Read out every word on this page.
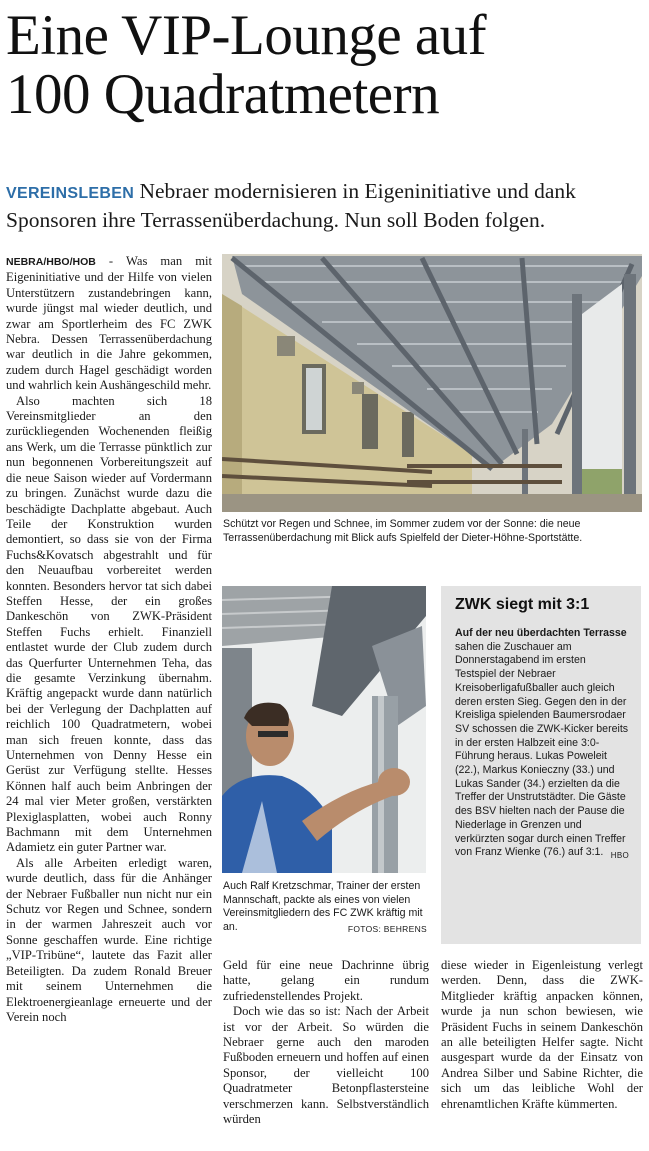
Eine VIP-Lounge auf
100 Quadratmetern
VEREINSLEBEN Nebraer modernisieren in Eigeninitiative und dank Sponsoren ihre Terrassenüberdachung. Nun soll Boden folgen.

NEBRA/HBO/HOB - Was man mit Eigeninitiative und der Hilfe von vielen Unterstützern zustandebringen kann, wurde jüngst mal wieder deutlich, und zwar am Sportlerheim des FC ZWK Nebra. Dessen Terrassenüberdachung war deutlich in die Jahre gekommen, zudem durch Hagel geschädigt worden und wahrlich kein Aushängeschild mehr.

Also machten sich 18 Vereinsmitglieder an den zurückliegenden Wochenenden fleißig ans Werk, um die Terrasse pünktlich zur nun begonnenen Vorbereitungszeit auf die neue Saison wieder auf Vordermann zu bringen. Zunächst wurde dazu die beschädigte Dachplatte abgebaut. Auch Teile der Konstruktion wurden demontiert, so dass sie von der Firma Fuchs&Kovatsch abgestrahlt und für den Neuaufbau vorbereitet werden konnten. Besonders hervor tat sich dabei Steffen Hesse, der ein großes Dankeschön von ZWK-Präsident Steffen Fuchs erhielt. Finanziell entlastet wurde der Club zudem durch das Querfurter Unternehmen Teha, das die gesamte Verzinkung übernahm. Kräftig angepackt wurde dann natürlich bei der Verlegung der Dachplatten auf reichlich 100 Quadratmetern, wobei man sich freuen konnte, dass das Unternehmen von Denny Hesse ein Gerüst zur Verfügung stellte. Hesses Können half auch beim Anbringen der 24 mal vier Meter großen, verstärkten Plexiglasplatten, wobei auch Ronny Bachmann mit dem Unternehmen Adamietz ein guter Partner war.

Als alle Arbeiten erledigt waren, wurde deutlich, dass für die Anhänger der Nebraer Fußballer nun nicht nur ein Schutz vor Regen und Schnee, sondern in der warmen Jahreszeit auch vor Sonne geschaffen wurde. Eine richtige „VIP-Tribüne“, lautete das Fazit aller Beteiligten. Da zudem Ronald Breuer mit seinem Unternehmen die Elektroenergieanlage erneuerte und der Verein noch

Geld für eine neue Dachrinne übrig hatte, gelang ein rundum zufriedenstellendes Projekt.

Doch wie das so ist: Nach der Arbeit ist vor der Arbeit. So würden die Nebraer gerne auch den maroden Fußboden erneuern und hoffen auf einen Sponsor, der vielleicht 100 Quadratmeter Betonpflastersteine verschmerzen kann. Selbstverständlich würden

diese wieder in Eigenleistung verlegt werden. Denn, dass die ZWK-Mitglieder kräftig anpacken können, wurde ja nun schon bewiesen, wie Präsident Fuchs in seinem Dankeschön an alle beteiligten Helfer sagte. Nicht ausgespart wurde da der Einsatz von Andrea Silber und Sabine Richter, die sich um das leibliche Wohl der ehrenamtlichen Kräfte kümmerten.

Schützt vor Regen und Schnee, im Sommer zudem vor der Sonne: die neue Terrassenüberdachung mit Blick aufs Spielfeld der Dieter-Höhne-Sportstätte.
Auch Ralf Kretzschmar, Trainer der ersten Mannschaft, packte als eines von vielen Vereinsmitgliedern des FC ZWK kräftig mit an.	FOTOS: BEHRENS
ZWK siegt mit 3:1

Auf der neu überdachten Terrasse sahen die Zuschauer am Donnerstagabend im ersten Testspiel der Nebraer Kreisoberligafußballer auch gleich deren ersten Sieg. Gegen den in der Kreisliga spielenden Baumersrodaer SV schossen die ZWK-Kicker bereits in der ersten Halbzeit eine 3:0-Führung heraus. Lukas Poweleit (22.), Markus Konieczny (33.) und Lukas Sander (34.) erzielten da die Treffer der Unstrutstädter. Die Gäste des BSV hielten nach der Pause die Niederlage in Grenzen und verkürzten sogar durch einen Treffer von Franz Wienke (76.) auf 3:1. HBO
